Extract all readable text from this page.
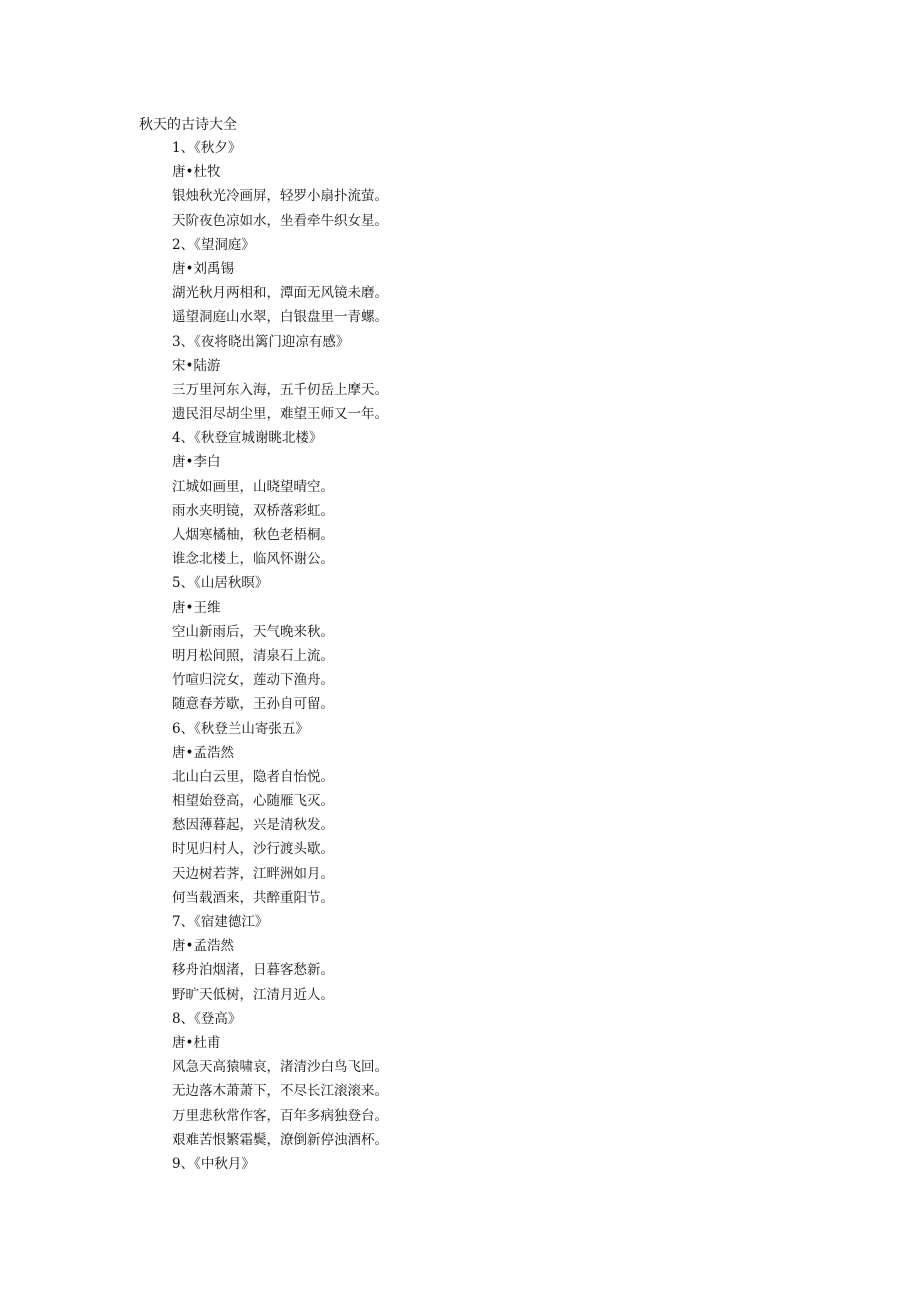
秋天的古诗大全
1、《秋夕》
唐•杜牧
银烛秋光冷画屏，轻罗小扇扑流萤。
天阶夜色凉如水，坐看牵牛织女星。
2、《望洞庭》
唐•刘禹锡
湖光秋月两相和，潭面无风镜未磨。
遥望洞庭山水翠，白银盘里一青螺。
3、《夜将晓出篱门迎凉有感》
宋•陆游
三万里河东入海，五千仞岳上摩天。
遗民泪尽胡尘里，难望王师又一年。
4、《秋登宣城谢眺北楼》
唐•李白
江城如画里，山晓望晴空。
雨水夹明镜，双桥落彩虹。
人烟寒橘柚，秋色老梧桐。
谁念北楼上，临风怀谢公。
5、《山居秋暝》
唐•王维
空山新雨后，天气晚来秋。
明月松间照，清泉石上流。
竹喧归浣女，莲动下渔舟。
随意春芳歇，王孙自可留。
6、《秋登兰山寄张五》
唐•孟浩然
北山白云里，隐者自怡悦。
相望始登高，心随雁飞灭。
愁因薄暮起，兴是清秋发。
时见归村人，沙行渡头歇。
天边树若荠，江畔洲如月。
何当载酒来，共醉重阳节。
7、《宿建德江》
唐•孟浩然
移舟泊烟渚，日暮客愁新。
野旷天低树，江清月近人。
8、《登高》
唐•杜甫
风急天高猿啸哀，渚清沙白鸟飞回。
无边落木萧萧下，不尽长江滚滚来。
万里悲秋常作客，百年多病独登台。
艰难苦恨繁霜鬓，潦倒新停浊酒杯。
9、《中秋月》
